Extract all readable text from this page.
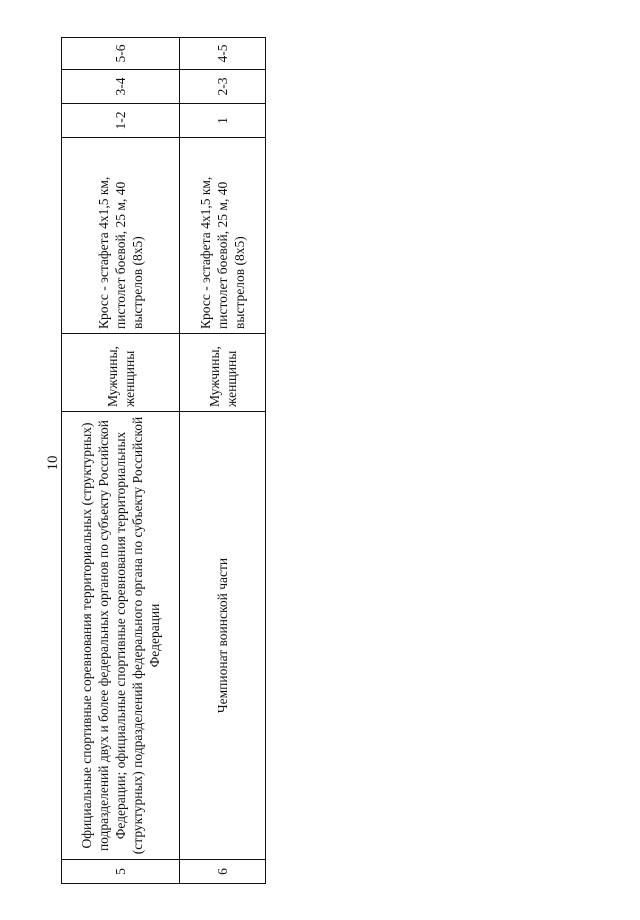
10
5	Официальные спортивные соревнования территориальных (структурных) подразделений двух и более федеральных органов по субъекту Российской Федерации; официальные спортивные соревнования территориальных (структурных) подразделений федерального органа по субъекту Российской Федерации	Мужчины, женщины	Кросс - эстафета 4х1,5 км, пистолет боевой, 25 м, 40 выстрелов (8х5)	1-2	3-4	5-6
6	Чемпионат воинской части	Мужчины, женщины	Кросс - эстафета 4х1,5 км, пистолет боевой, 25 м, 40 выстрелов (8х5)	1	2-3	4-5
